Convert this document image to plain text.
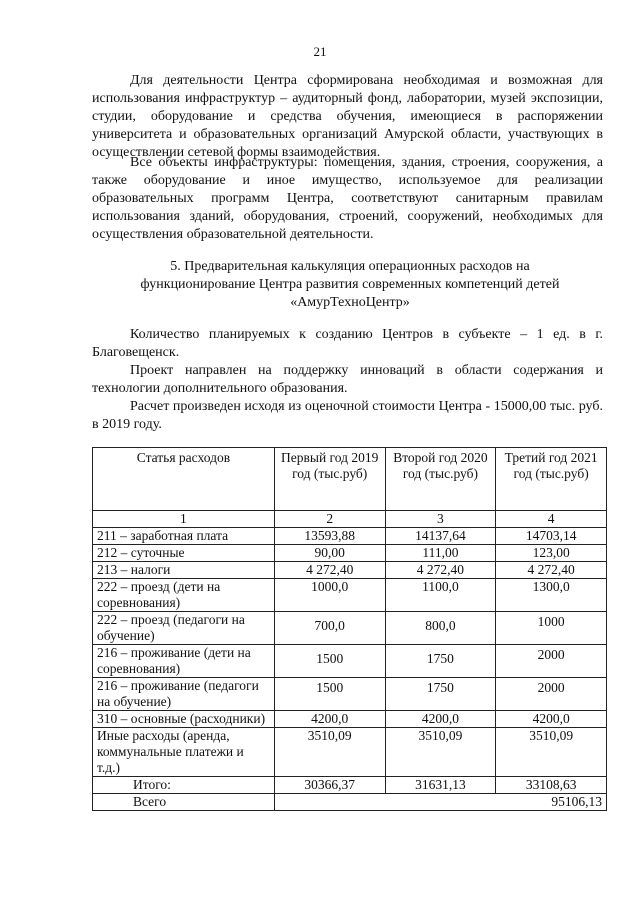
21

Для деятельности Центра сформирована необходимая и возможная для использования инфраструктур – аудиторный фонд, лаборатории, музей экспозиции, студии, оборудование и средства обучения, имеющиеся в распоряжении университета и образовательных организаций Амурской области, участвующих в осуществлении сетевой формы взаимодействия.

Все объекты инфраструктуры: помещения, здания, строения, сооружения, а также оборудование и иное имущество, используемое для реализации образовательных программ Центра, соответствуют санитарным правилам использования зданий, оборудования, строений, сооружений, необходимых для осуществления образовательной деятельности.

5. Предварительная калькуляция операционных расходов на

функционирование Центра развития современных компетенций детей

«АмурТехноЦентр»

Количество планируемых к созданию Центров в субъекте – 1 ед. в г. Благовещенск.

Проект направлен на поддержку инноваций в области содержания и технологии дополнительного образования.

Расчет произведен исходя из оценочной стоимости Центра - 15000,00 тыс. руб. в 2019 году.

Статья расходов	Первый год 2019 год (тыс.руб)	Второй год 2020 год (тыс.руб)	Третий год 2021 год (тыс.руб)
1	2	3	4
211 – заработная плата	13593,88	14137,64	14703,14
212 – суточные	90,00	111,00	123,00
213 – налоги	4 272,40	4 272,40	4 272,40
222 – проезд (дети на соревнования)	1000,0	1100,0	1300,0
222 – проезд (педагоги на обучение)	700,0	800,0	1000
216 – проживание (дети на соревнования)	1500	1750	2000
216 – проживание (педагоги на обучение)	1500	1750	2000
310 – основные (расходники)	4200,0	4200,0	4200,0
Иные расходы (аренда, коммунальные платежи и т.д.)	3510,09	3510,09	3510,09
Итого:	30366,37	31631,13	33108,63
Всего	95106,13		
